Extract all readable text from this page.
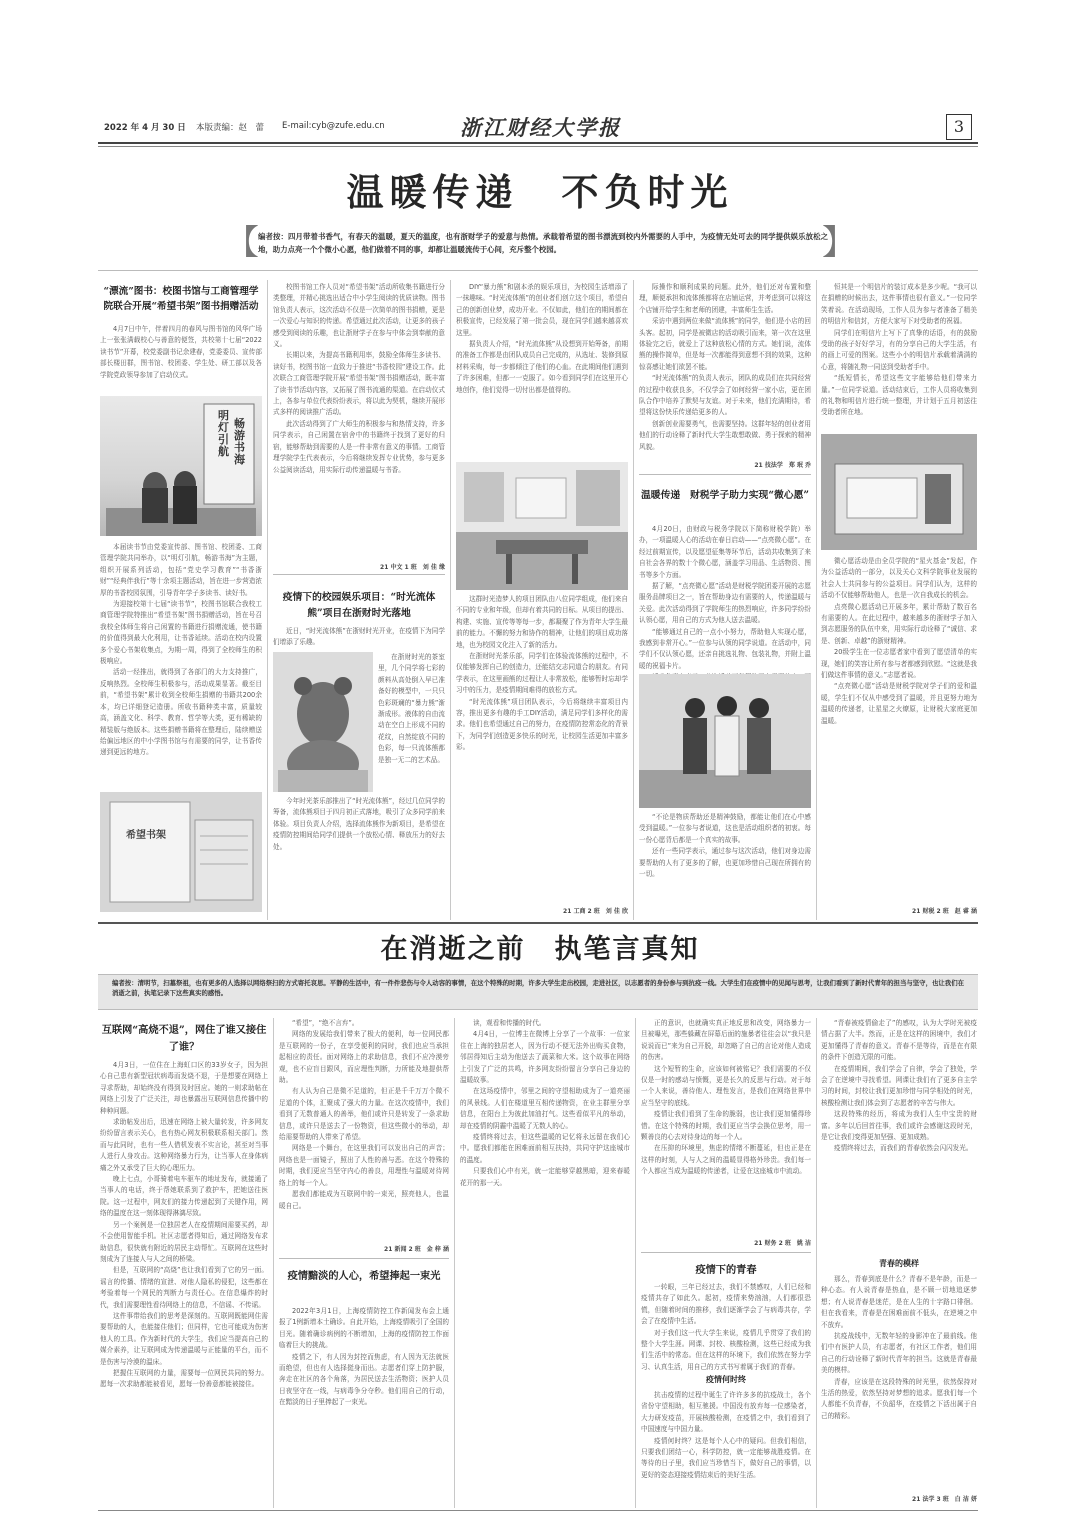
2022 年 4 月 30 日 本版责编：赵　蕾 E-mail:cyb@zufe.edu.cn	浙江财经大学报	3
温暖传递　不负时光
【 编者按：四月带着书香气，有春天的温暖，夏天的温度，也有浙财学子的爱意与热情。承载着希望的图书漂流到校内外需要的人手中，为疫情无处可去的同学提供娱乐放松之地，助力点亮一个个微小心愿，他们做着不同的事，却都让温暖流传于心间，充斥整个校园。	】
“漂流”图书：校图书馆与工商管理学院联合开展“希望书架”图书捐赠活动

4月7日中午，伴着四月的春风与图书馆的风华广场上一张张满载校心与善意的便签，共校第十七届“2022读书节”开幕，校党委副书记余建春，党委委员、宣传部部长楼田群，图书馆、校团委、学生处、研工部以及各学院党政领导参加了启动仪式。

明灯引航
畅游书海

本届读书节由党委宣传部、图书馆、校团委、工商管理学院共同举办，以“明灯引航，畅游书海”为主题，组织开展系列活动，包括“党史学习教育”“书香浙财”“经典伴我行”等十余项主题活动，旨在进一步营造浓厚的书香校园氛围，引导青年学子多读书、读好书。

为迎接校第十七届“读书节”，校图书馆联合我校工商管理学院特推出“希望书架”图书捐赠活动，旨在号召我校全体师生将自己闲置的书籍进行捐赠流通，使书籍的价值得到最大化利用，让书香延续。活动在校内设置多个爱心书架收集点，为期一周，得到了全校师生的积极响应。

活动一经推出，就得到了各部门的大力支持推广，反响热烈。全校师生积极参与，活动成果显著。截至目前，“希望书架”累计收到全校师生捐赠的书籍共200余本，均已详细登记造册。所收书籍种类丰富，质量较高，涵盖文化、科学、教育、哲学等大类，更有稀缺的精装版与绝版本。这些捐赠书籍将在整理后，陆续赠送给偏远地区的中小学图书馆与有需要的同学，让书香传递到更远的地方。

希望书架

校图书馆工作人员对“希望书架”活动所收集书籍进行分类整理，并精心挑选出适合中小学生阅读的优质读物。图书馆负责人表示，这次活动不仅是一次简单的图书捐赠，更是一次爱心与知识的传递。希望通过此次活动，让更多的孩子感受到阅读的乐趣，也让浙财学子在参与中体会到奉献的意义。

长期以来，为提高书籍利用率，鼓励全体师生多读书、读好书，校图书馆一直致力于推进“书香校园”建设工作。此次联合工商管理学院开展“希望书架”图书捐赠活动，既丰富了读书节活动内容，又拓展了图书流通的渠道。在启动仪式上，各参与单位代表纷纷表示，将以此为契机，继续开展形式多样的阅读推广活动。

此次活动得到了广大师生的积极参与和热情支持，许多同学表示，自己闲置在宿舍中的书籍终于找到了更好的归宿，能够帮助到需要的人是一件非常有意义的事情。工商管理学院学生代表表示，今后将继续发挥专业优势，参与更多公益阅读活动，用实际行动传递温暖与书香。

21 中文 1 班　刘 佳 缘
疫情下的校园娱乐项目：“时光流体熊”项目在浙财时光落地

近日，“时光流体熊”在浙财时光开业，在疫情下为同学们增添了乐趣。

在浙财时光的茶室里，几个同学将七彩的颜料从高处倒入早已准备好的模型中，一只只色彩斑斓的“暴力熊”渐渐成形。液体的自由流动在空白上形成不同的花纹，自然绽放不同的色彩，每一只流体熊都是独一无二的艺术品。

今年时光茶乐部推出了“时光流体熊”，经过几位同学的筹备，流体熊项目于四月初正式落地，吸引了众多同学前来体验。项目负责人介绍，选择流体熊作为新项目，是希望在疫情防控期间给同学们提供一个放松心情、释放压力的好去处。

DIY“暴力熊”和剧本杀的娱乐项目，为校园生活增添了一抹趣味。“时光流体熊”的创业者们创立这个项目，希望自己的创新创业梦，成功开业。不仅如此，他们在的期间都在积极宣传，已经发展了第一批会员，现在同学们越来越喜欢这里。

据负责人介绍，“时光流体熊”从设想到开始筹备，前期的准备工作都是由团队成员自己完成的，从选址、装修到原材料采购，每一步都倾注了他们的心血。在此期间他们遇到了许多困难，但都一一克服了。如今看到同学们在这里开心地创作，他们觉得一切付出都是值得的。

这群时光造梦人的项目团队由八位同学组成，他们来自不同的专业和年级，但却有着共同的目标。从项目的提出、构建、实施、宣传等等每一步，都凝聚了作为青年大学生最前的能力。不懈的努力和协作的精神，让他们的项目成功落地，也为校园文化注入了新的活力。

在浙财时光茶乐部，同学们在体验流体熊的过程中，不仅能够发挥自己的创造力，还能结交志同道合的朋友。有同学表示，在这里画熊的过程让人非常放松，能够暂时忘却学习中的压力，是疫情期间难得的放松方式。

“时光流体熊”项目团队表示，今后将继续丰富项目内容，推出更多有趣的手工DIY活动，满足同学们多样化的需求。他们也希望通过自己的努力，在疫情防控常态化的背景下，为同学们创造更多快乐的时光，让校园生活更加丰富多彩。

21 工商 2 班　刘 佳 欣

际操作和顺利成果的问题。此外，他们还对布置和整理，顺便承担和流体熊都将在店铺运营，并考虑到可以将这个店铺开给学生和老师的团建，丰富师生生活。

采访中遇到两位来做“流体熊”的同学，他们是小店的回头客。起初，同学是被微店的活动吸引而来，第一次在这里体验完之后，就爱上了这种放松心情的方式。她们说，流体熊的操作简单，但是每一次都能得到意想不到的效果，这种惊喜感让她们欲罢不能。

“时光流体熊”的负责人表示，团队的成员们在共同经营的过程中收获良多，不仅学会了如何经营一家小店，更在团队合作中培养了默契与友谊。对于未来，他们充满期待，希望将这份快乐传递给更多的人。

创新创业需要勇气，也需要坚持。这群年轻的创业者用他们的行动诠释了新时代大学生敢想敢做、勇于探索的精神风貌。

21 技法学　郑 珉 乔
温暖传递　财税学子助力实现“微心愿”

4月20日，由财政与税务学院以下简称财税学院）举办，一项温暖人心的活动在春日启动——“点亮微心愿”。在经过前期宣传，以及愿望征集等环节后，活动共收集到了来自社会各界的数十个微心愿，涵盖学习用品、生活物资、图书等多个方面。

据了解，“点亮微心愿”活动是财税学院团委开展的志愿服务品牌项目之一，旨在帮助身边有需要的人，传递温暖与关爱。此次活动得到了学院师生的热烈响应，许多同学纷纷认领心愿，用自己的方式为他人送去温暖。

“能够通过自己的一点小小努力，帮助他人实现心愿，我感到非常开心。”一位参与认领的同学说道。在活动中，同学们不仅认领心愿，还亲自挑选礼物、包装礼物，并附上温暖的祝福卡片。

“不论是物质帮助还是精神鼓励，都能让他们在心中感受到温暖。”一位参与者说道，这也是活动组织者的初衷。每一份心愿背后都是一个真实的故事。

还有一些同学表示，通过参与这次活动，他们对身边需要帮助的人有了更多的了解，也更加珍惜自己现在所拥有的一切。

恒其是一个明信片的装订成本是多少呢。“我可以在捐赠的时候出去，这件事情也很有意义。”一位同学笑着说。在活动现场，工作人员为参与者准备了精美的明信片和信封，方便大家写下对受助者的祝福。

同学们在明信片上写下了真挚的话语，有的鼓励受助的孩子好好学习，有的分享自己的大学生活，有的画上可爱的图案。这些小小的明信片承载着满满的心意，将随礼物一同送到受助者手中。

“纸短情长，希望这些文字能够给他们带来力量。”一位同学说道。活动结束后，工作人员将收集到的礼物和明信片进行统一整理，并计划于五月初送往受助者所在地。

微心愿活动是由全员学院的“星火基金”发起，作为公益活动的一部分，以及关心文科学院事业发展的社会人士共同参与的公益项目。同学们认为，这样的活动不仅能够帮助他人，也是一次自我成长的机会。

点亮微心愿活动已开展多年，累计帮助了数百名有需要的人。在此过程中，越来越多的浙财学子加入到志愿服务的队伍中来，用实际行动诠释了“诚信、求是、创新、卓越”的浙财精神。

20级学生在一位志愿者家中看到了愿望清单的实现，她们的笑容让所有参与者都感到欣慰。“这就是我们做这件事情的意义。”志愿者说。

“点亮微心愿”活动是财税学院对学子们的爱和温暖，学生们不仅从中感受到了温暖，并且更努力地为温暖的传递者，让星星之火燎原，让财税大家庭更加温暖。

21 财税 2 班　赵 睿 涵
在消逝之前　执笔言真知
编者按：清明节，扫墓祭祖，也有更多的人选择以网络祭扫的方式寄托哀思。平静的生活中，有一件件悲伤与令人动容的事情，在这个特殊的时期，许多大学生走出校园，走进社区，以志愿者的身份参与到抗疫一线。大学生们在疫情中的见闻与思考，让我们看到了新时代青年的担当与坚守，也让我们在消逝之前，执笔记录下这些真实的感悟。
互联网“高烧不退”，网住了谁又接住了谁？

4月3日，一位住在上海虹口区的33岁女子，因为担心自己患有新型冠状病毒而发烧不退，于是想要在网络上寻求帮助，却始终没有得到及时回应。她的一则求助帖在网络上引发了广泛关注，却也暴露出互联网信息传播中的种种问题。

求助帖发出后，迅速在网络上被大量转发，许多网友纷纷留言表示关心，也有热心网友积极联系相关部门。然而与此同时，也有一些人借机发表不实言论，甚至对当事人进行人身攻击。这种网络暴力行为，让当事人在身体病痛之外又承受了巨大的心理压力。

晚上七点，小哥骑着电车驱车的地址发布，就接通了当事人的电话，终于帮她联系到了救护车，把她送往医院。这一过程中，网友们的接力传递起到了关键作用，网络的温度在这一刻体现得淋漓尽致。

另一个案例是一位独居老人在疫情期间需要买药，却不会使用智能手机。社区志愿者得知后，通过网络发布求助信息，很快就有附近的居民主动帮忙。互联网在这些时刻成为了连接人与人之间的桥梁。

但是，互联网的“高烧”也让我们看到了它的另一面。谣言的传播、情绪的宣泄、对他人隐私的侵犯，这些都在考验着每一个网民的判断力与责任心。在信息爆炸的时代，我们需要理性看待网络上的信息，不信谣、不传谣。

这件事带给我们的思考是深刻的。互联网既能网住需要帮助的人，也能接住他们；但同样，它也可能成为伤害他人的工具。作为新时代的大学生，我们应当提高自己的媒介素养，让互联网成为传递温暖与正能量的平台，而不是伤害与冷漠的温床。

把握住互联网的力量，需要每一位网民共同的努力。愿每一次求助都能被看见，愿每一份善意都能被接住。

“希望”，“绝不言弃”。

网络的发展给我们带来了极大的便利，每一位网民都是互联网的一份子，在享受便利的同时，我们也应当承担起相应的责任。面对网络上的求助信息，我们不应冷漠旁观，也不应盲目跟风，而应理性判断，力所能及地提供帮助。

有人认为自己是微不足道的，但正是千千万万个微不足道的个体，汇聚成了强大的力量。在这次疫情中，我们看到了无数普通人的善举，他们或许只是转发了一条求助信息，或许只是送去了一份物资，但这些微小的举动，却给需要帮助的人带来了希望。

网络是一个舞台，在这里我们可以发出自己的声音；网络也是一面镜子，照出了人性的善与恶。在这个特殊的时期，我们更应当坚守内心的善良，用理性与温暖对待网络上的每一个人。

愿我们都能成为互联网中的一束光，照亮他人，也温暖自己。

21 新闻 2 班　金 梓 涵
疫情黯淡的人心，希望捧起一束光

2022年3月1日，上海疫情防控工作新闻发布会上通报了1例新增本土确诊。自此开始，上海疫情吸引了全国的目光。随着确诊病例的不断增加，上海的疫情防控工作面临着巨大的挑战。

疫情之下，有人因为封控而焦虑，有人因为无法就医而绝望，但也有人选择挺身而出。志愿者们穿上防护服，奔走在社区的各个角落，为居民送去生活物资；医护人员日夜坚守在一线，与病毒争分夺秒。他们用自己的行动，在黯淡的日子里捧起了一束光。

读，观看和传播的时代。

4月4日，一位博主在微博上分享了一个故事：一位家住在上海的独居老人，因为行动不便无法外出购买食物，邻居得知后主动为他送去了蔬菜和大米。这个故事在网络上引发了广泛的共鸣，许多网友纷纷留言分享自己身边的温暖故事。

在这场疫情中，邻里之间的守望相助成为了一道亮丽的风景线。人们在楼道里互相传递物资，在业主群里分享信息，在阳台上为彼此加油打气。这些看似平凡的举动，却在疫情的阴霾中温暖了无数人的心。

疫情终将过去，但这些温暖的记忆将永远留在我们心中。愿我们都能在困难面前相互扶持，共同守护这座城市的温度。

只要我们心中有光，就一定能够穿越黑暗，迎来春暖花开的那一天。

正的意识，也就确实真正地反思和改变，网络暴力一旦被曝光，那些躲藏在屏幕后面的施暴者往往会以“我只是说说而已”来为自己开脱，却忽略了自己的言论对他人造成的伤害。

这个短暂的生命，应该如何被铭记？我们需要的不仅仅是一时的感动与愤慨，更是长久的反思与行动。对于每一个人来说，善待他人、理性发言，是我们在网络世界中应当坚守的底线。

疫情让我们看到了生命的脆弱，也让我们更加懂得珍惜。在这个特殊的时期，我们更应当学会换位思考，用一颗善良的心去对待身边的每一个人。

在压抑的环境里，焦虑的情绪不断蔓延，但也正是在这样的时刻，人与人之间的温暖显得格外珍贵。我们每一个人都应当成为温暖的传递者，让爱在这座城市中流动。

21 财务 2 班　姚 洁
疫情下的青春

一转眼，三年已经过去，我们不禁感叹，人们已经和疫情共存了如此久。起初，疫情来势汹汹，人们都很恐慌，但随着时间的推移，我们逐渐学会了与病毒共存，学会了在疫情中生活。

对于我们这一代大学生来说，疫情几乎贯穿了我们的整个大学生涯。网课、封校、核酸检测，这些已经成为我们生活中的常态。但在这样的环境下，我们依然在努力学习、认真生活，用自己的方式书写着属于我们的青春。

疫情何时终

抗击疫情的过程中诞生了许许多多的抗疫战士，各个省份守望相助，相互驰援。中国没有放弃每一位感染者，大力研发疫苗，开展核酸检测，在疫情之中，我们看到了中国速度与中国力量。

疫情何时终？这是每个人心中的疑问。但我们相信，只要我们团结一心，科学防控，就一定能够战胜疫情。在等待的日子里，我们应当珍惜当下，做好自己的事情，以更好的姿态迎接疫情结束后的美好生活。

“青春被疫情偷走了”的感叹，认为大学时光被疫情占据了大半。然而，正是在这样的困境中，我们才更加懂得了青春的意义。青春不是等待，而是在有限的条件下创造无限的可能。

在疫情期间，我们学会了自律，学会了独处，学会了在逆境中寻找希望。网课让我们有了更多自主学习的时间，封校让我们更加珍惜与同学相处的时光，核酸检测让我们体会到了志愿者的辛苦与伟大。

这段特殊的经历，将成为我们人生中宝贵的财富。多年以后回首往事，我们或许会感谢这段时光，是它让我们变得更加坚强、更加成熟。

疫情终将过去，而我们的青春依然会闪闪发光。

青春的模样

那么，青春到底是什么？青春不是年龄，而是一种心态。有人说青春是热血，是不顾一切地追逐梦想；有人说青春是迷茫，是在人生的十字路口徘徊。但在我看来，青春是在困难面前不低头，在逆境之中不放弃。

抗疫战线中，无数年轻的身影冲在了最前线。他们中有医护人员，有志愿者，有社区工作者，他们用自己的行动诠释了新时代青年的担当。这就是青春最美的模样。

青春，应该是在这段特殊的时光里，依然保持对生活的热爱，依然坚持对梦想的追求。愿我们每一个人都能不负青春，不负韶华，在疫情之下活出属于自己的精彩。

21 法学 3 班　白 洁 妍
